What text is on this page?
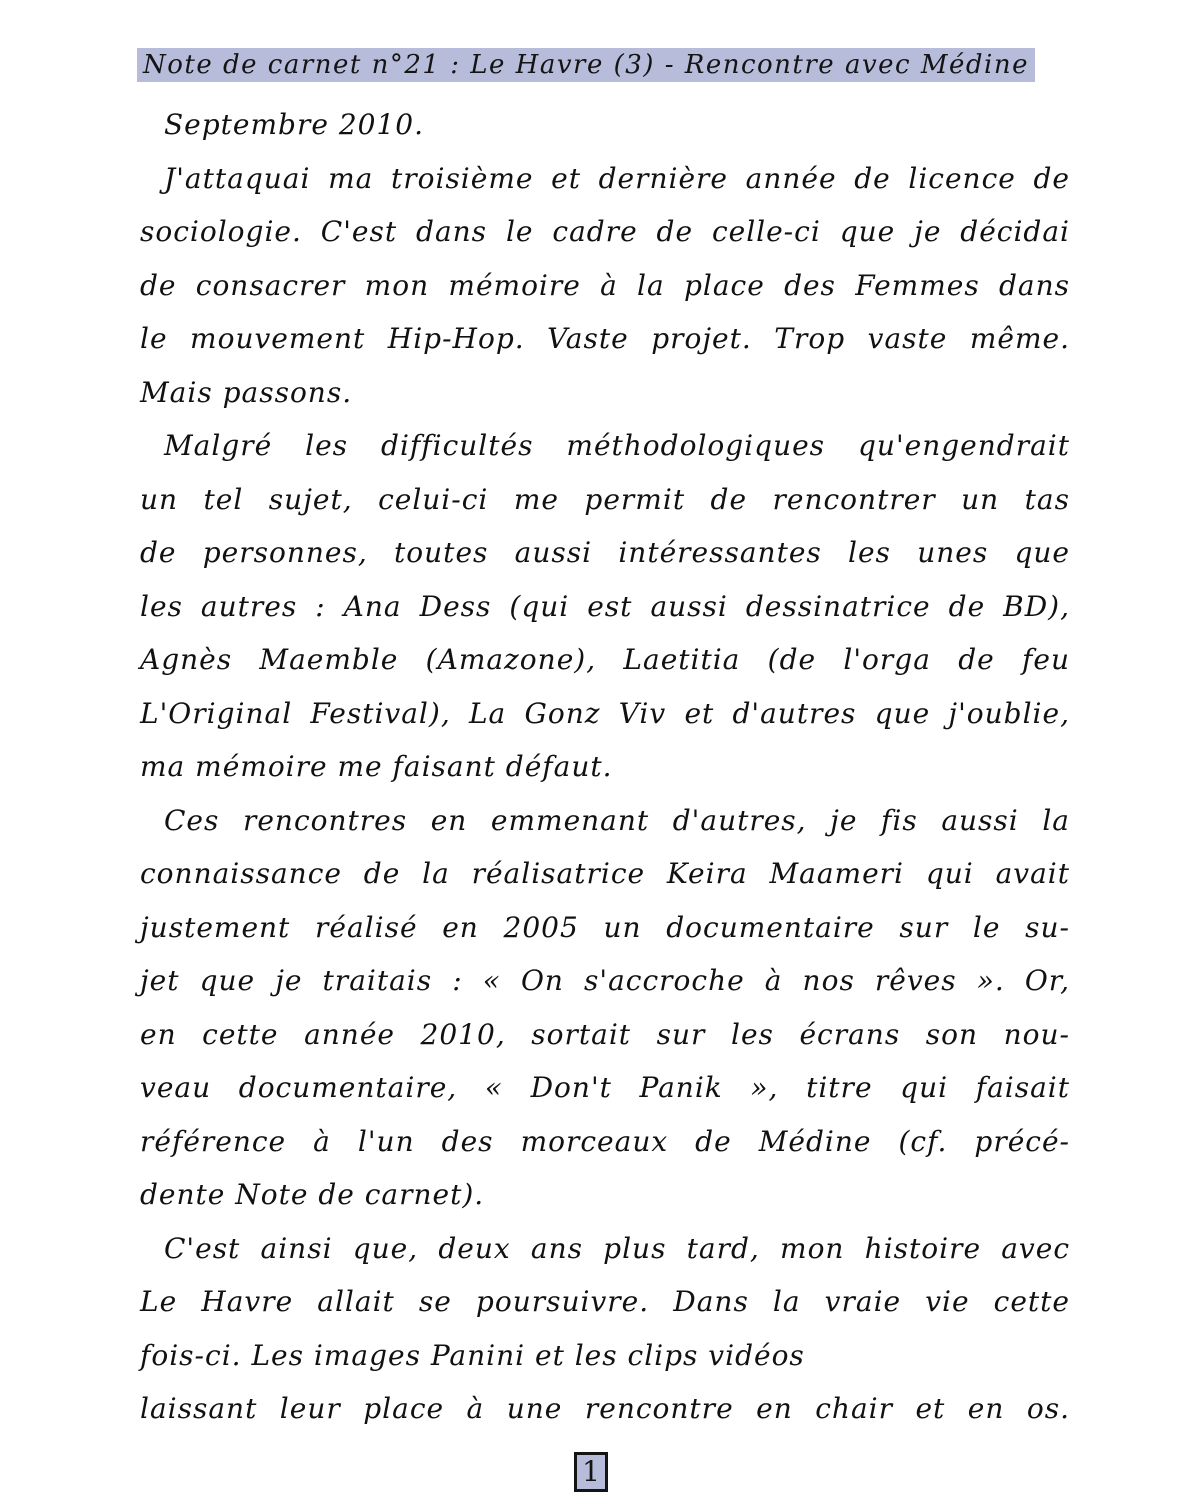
Note de carnet n°21 : Le Havre (3) - Rencontre avec Médine
Septembre 2010.
J'attaquai ma troisième et dernière année de licence de
sociologie. C'est dans le cadre de celle-ci que je décidai
de consacrer mon mémoire à la place des Femmes dans
le mouvement Hip-Hop. Vaste projet. Trop vaste même.
Mais passons.
Malgré les difficultés méthodologiques qu'engendrait
un tel sujet, celui-ci me permit de rencontrer un tas
de personnes, toutes aussi intéressantes les unes que
les autres : Ana Dess (qui est aussi dessinatrice de BD),
Agnès Maemble (Amazone), Laetitia (de l'orga de feu
L'Original Festival), La Gonz Viv et d'autres que j'oublie,
ma mémoire me faisant défaut.
Ces rencontres en emmenant d'autres, je fis aussi la
connaissance de la réalisatrice Keira Maameri qui avait
justement réalisé en 2005 un documentaire sur le su-
jet que je traitais : « On s'accroche à nos rêves ». Or,
en cette année 2010, sortait sur les écrans son nou-
veau documentaire, « Don't Panik », titre qui faisait
référence à l'un des morceaux de Médine (cf. précé-
dente Note de carnet).
C'est ainsi que, deux ans plus tard, mon histoire avec
Le Havre allait se poursuivre. Dans la vraie vie cette
fois-ci. Les images Panini et les clips vidéos
laissant leur place à une rencontre en chair et en os.
1
